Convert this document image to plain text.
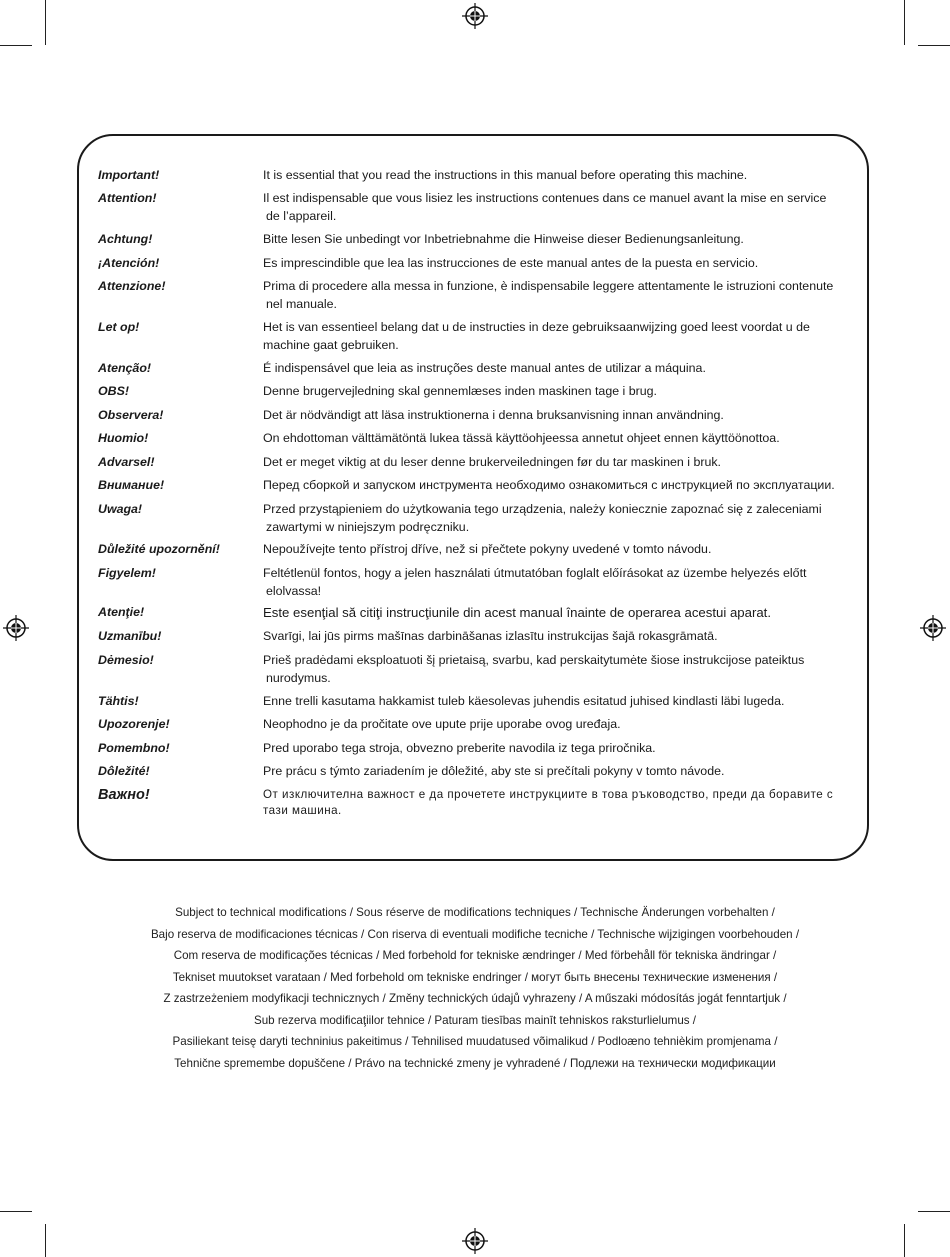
Important!	It is essential that you read the instructions in this manual before operating this machine.
Attention!	Il est indispensable que vous lisiez les instructions contenues dans ce manuel avant la mise en service
de l’appareil.
Achtung!	Bitte lesen Sie unbedingt vor Inbetriebnahme die Hinweise dieser Bedienungsanleitung.
¡Atención!	Es imprescindible que lea las instrucciones de este manual antes de la puesta en servicio.
Attenzione!	Prima di procedere alla messa in funzione, è indispensabile leggere attentamente le istruzioni contenute
nel manuale.
Let op!	Het is van essentieel belang dat u de instructies in deze gebruiksaanwijzing goed leest voordat u de
machine gaat gebruiken.
Atenção!	É indispensável que leia as instruções deste manual antes de utilizar a máquina.
OBS!	Denne brugervejledning skal gennemlæses inden maskinen tage i brug.
Observera!	Det är nödvändigt att läsa instruktionerna i denna bruksanvisning innan användning.
Huomio!	On ehdottoman välttämätöntä lukea tässä käyttöohjeessa annetut ohjeet ennen käyttöönottoa.
Advarsel!	Det er meget viktig at du leser denne brukerveiledningen før du tar maskinen i bruk.
Внимание!	Перед сборкой и запуском инструмента необходимо ознакомиться с инструкцией по эксплуатации.
Uwaga!	Przed przystąpieniem do użytkowania tego urządzenia, należy koniecznie zapoznać się z zaleceniami
zawartymi w niniejszym podręczniku.
Důležité upozornění!	Nepoužívejte tento přístroj dříve, než si přečtete pokyny uvedené v tomto návodu.
Figyelem!	Feltétlenül fontos, hogy a jelen használati útmutatóban foglalt előírásokat az üzembe helyezés előtt
elolvassa!
Atenţie!	Este esenţial să citiţi instrucţiunile din acest manual înainte de operarea acestui aparat.
Uzmanību!	Svarīgi, lai jūs pirms mašīnas darbināšanas izlasītu instrukcijas šajā rokasgrāmatā.
Dėmesio!	Prieš pradėdami eksploatuoti šį prietaisą, svarbu, kad perskaitytumėte šiose instrukcijose pateiktus
nurodymus.
Tähtis!	Enne trelli kasutama hakkamist tuleb käesolevas juhendis esitatud juhised kindlasti läbi lugeda.
Upozorenje!	Neophodno je da pročitate ove upute prije uporabe ovog uređaja.
Pomembno!	Pred uporabo tega stroja, obvezno preberite navodila iz tega priročnika.
Dôležité!	Pre prácu s týmto zariadením je dôležité, aby ste si prečítali pokyny v tomto návode.
Важно!	От изключителна важност е да прочетете инструкциите в това ръководство, преди да боравите с
тази машина.
Subject to technical modifications / Sous réserve de modifications techniques / Technische Änderungen vorbehalten /
Bajo reserva de modificaciones técnicas / Con riserva di eventuali modifiche tecniche / Technische wijzigingen voorbehouden /
Com reserva de modificações técnicas / Med forbehold for tekniske ændringer / Med förbehåll för tekniska ändringar /
Tekniset muutokset varataan / Med forbehold om tekniske endringer / могут быть внесены технические изменения /
Z zastrzeżeniem modyfikacji technicznych / Změny technických údajů vyhrazeny / A műszaki módosítás jogát fenntartjuk /
Sub rezerva modificaţiilor tehnice / Paturam tiesības mainīt tehniskos raksturlielumus /
Pasiliekant teisę daryti techninius pakeitimus / Tehnilised muudatused võimalikud / Podloæno tehnièkim promjenama /
Tehnične spremembe dopuščene / Právo na technické zmeny je vyhradené / Подлежи на технически модификации
